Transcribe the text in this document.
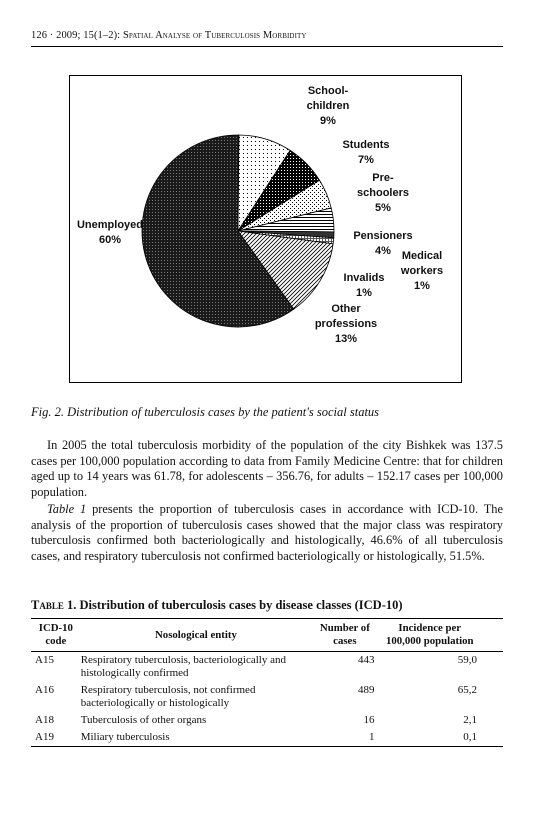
126 · 2009; 15(1–2): Spatial Analyse of Tuberculosis Morbidity
School-children 9%
Students 7%
Pre-schoolers 5%
Pensioners 4% Medical workers 1%
Invalids 1%
Other professions 13%
Unemployed 60%
Fig. 2. Distribution of tuberculosis cases by the patient's social status

In 2005 the total tuberculosis morbidity of the population of the city Bishkek was 137.5 cases per 100,000 population according to data from Family Medicine Centre: that for children aged up to 14 years was 61.78, for adolescents – 356.76, for adults – 152.17 cases per 100,000 population.

Table 1 presents the proportion of tuberculosis cases in accordance with ICD-10. The analysis of the proportion of tuberculosis cases showed that the major class was respiratory tuberculosis confirmed both bacteriologically and histologically, 46.6% of all tuberculosis cases, and respiratory tuberculosis not confirmed bacteriologically or histologically, 51.5%.

Table 1. Distribution of tuberculosis cases by disease classes (ICD-10)
ICD-10 code	Nosological entity	Number of cases	Incidence per 100,000 population
A15	Respiratory tuberculosis, bacteriologically and histologically confirmed	443	59,0
A16	Respiratory tuberculosis, not confirmed bacteriologically or histologically	489	65,2
A18	Tuberculosis of other organs	16	2,1
A19	Miliary tuberculosis	1	0,1
